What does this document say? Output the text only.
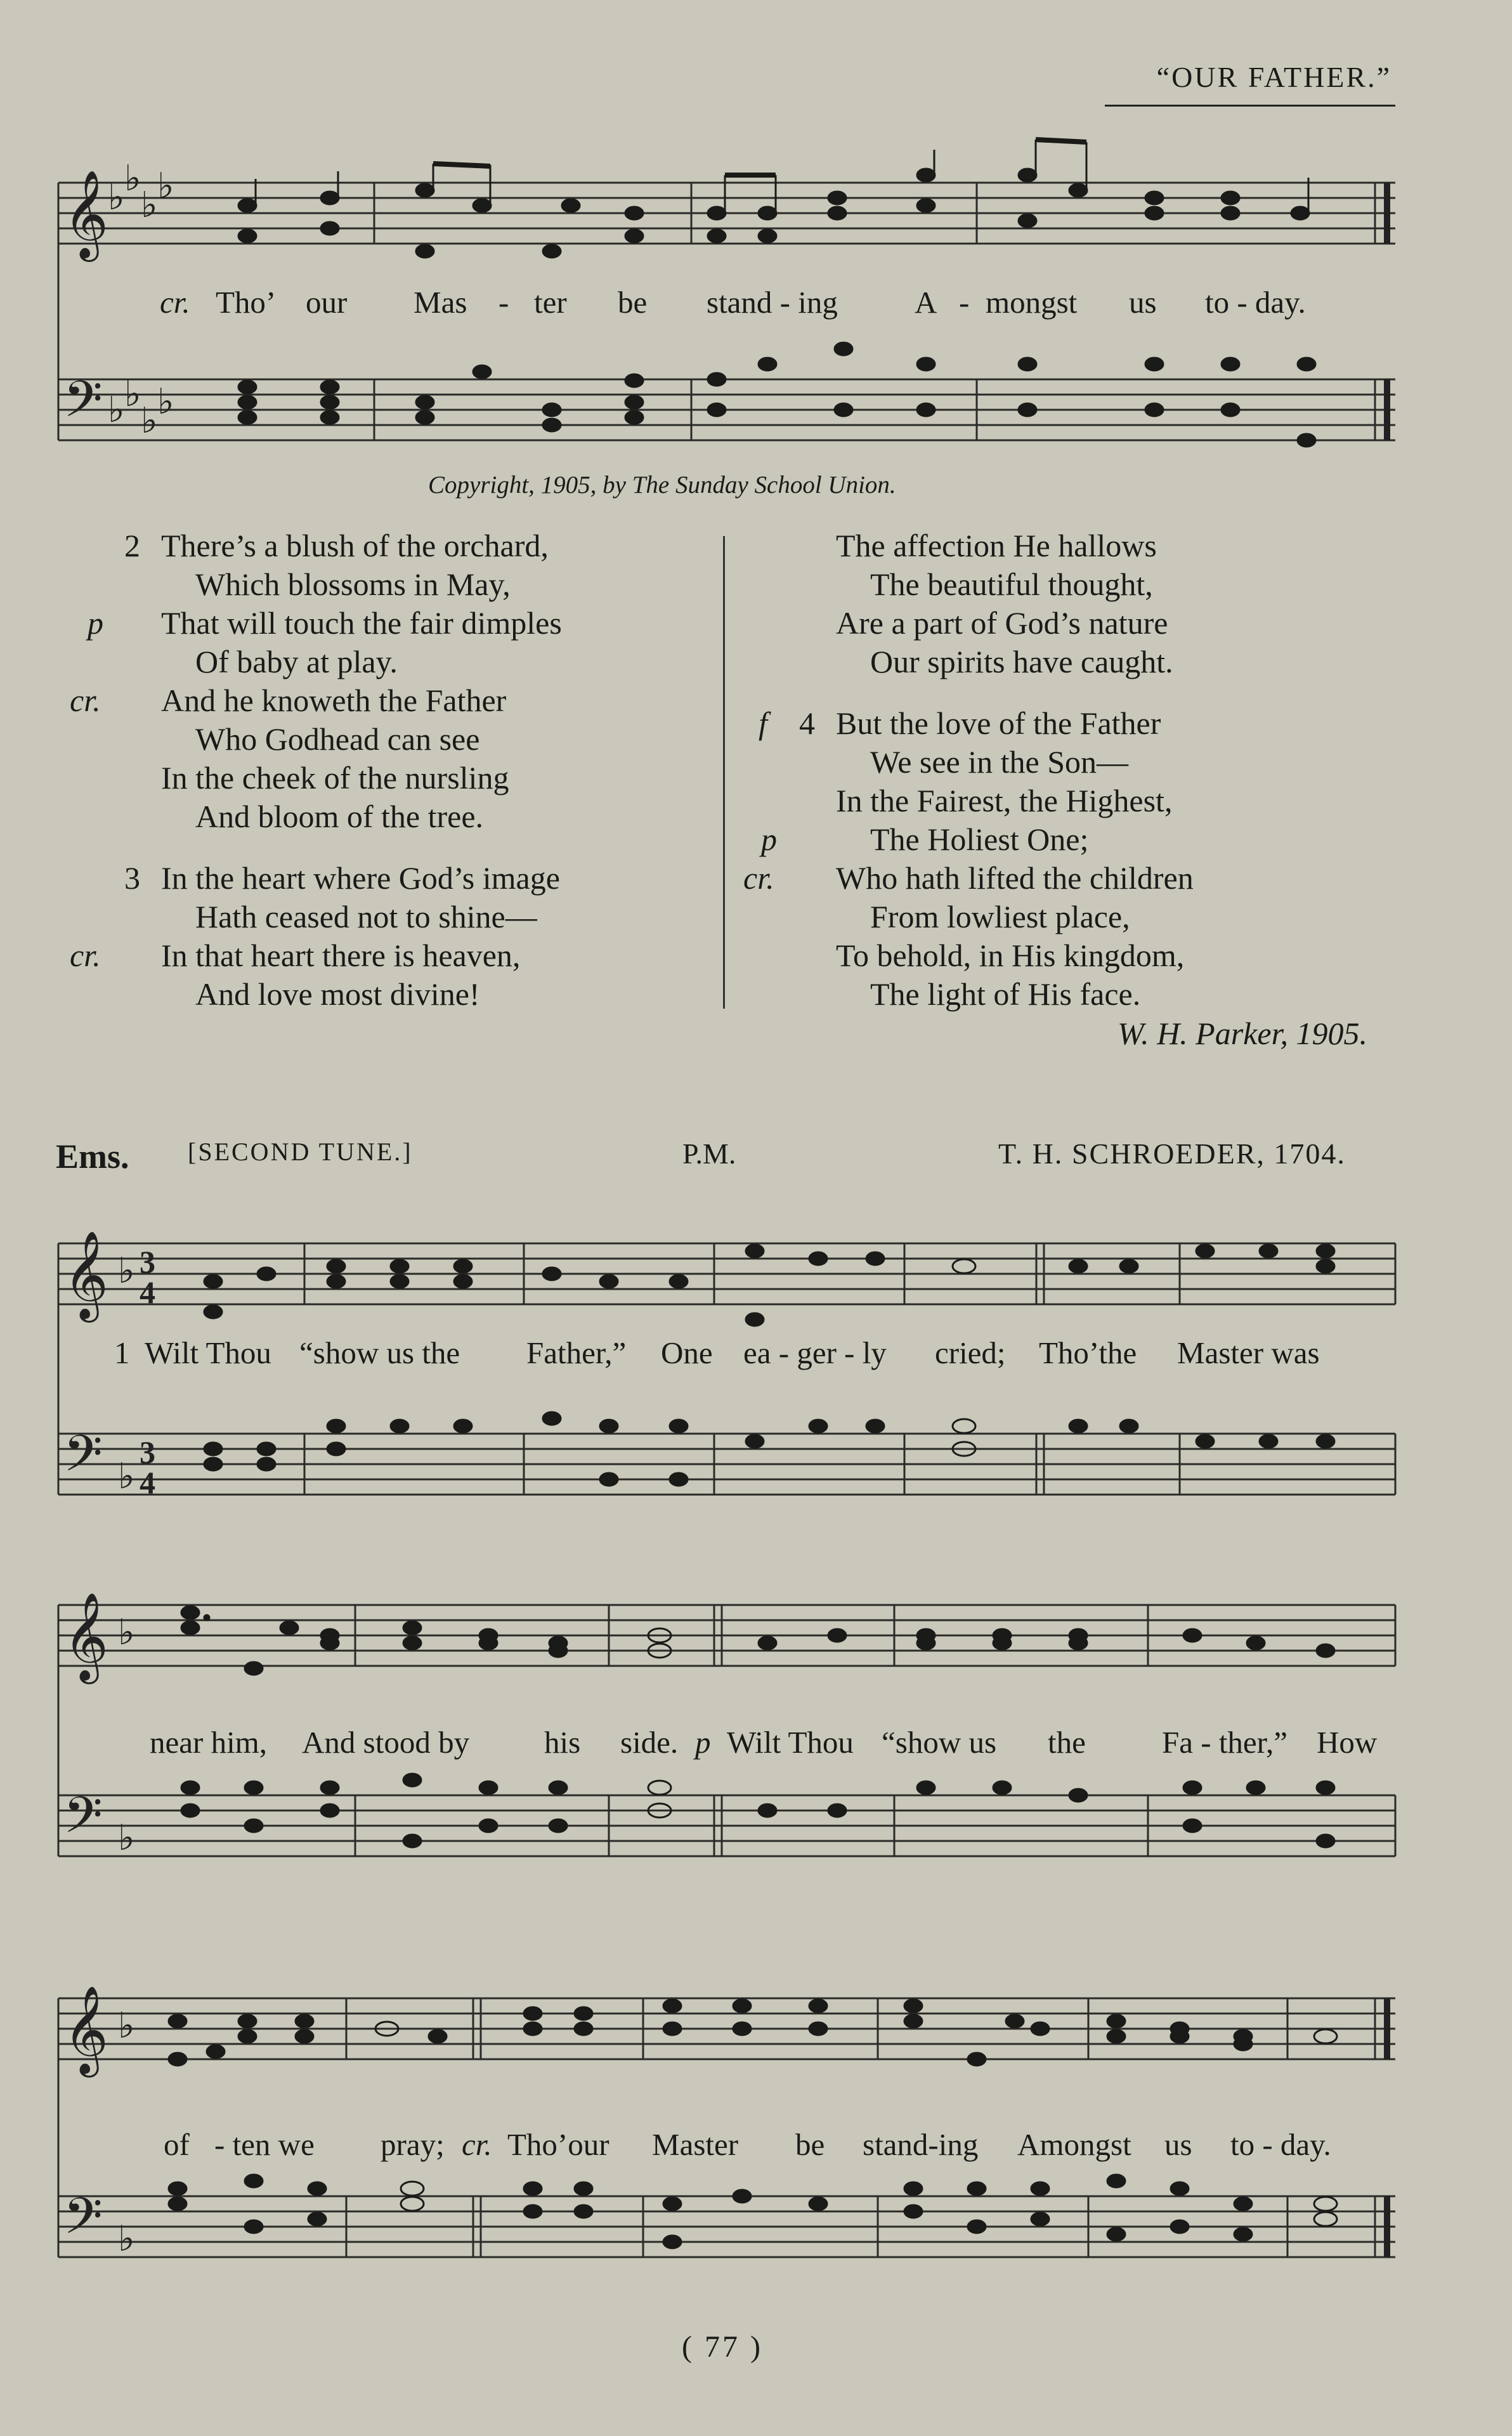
“OUR FATHER.”
𝄞
𝄢
♭ ♭
♭ ♭
♭ ♭
♭ ♭
cr. Tho’ our Mas - ter be stand - ing A - mongst us to - day.
Copyright, 1905, by The Sunday School Union.
2 There’s a blush of the orchard,
Which blossoms in May,
p That will touch the fair dimples
Of baby at play.
cr. And he knoweth the Father
Who Godhead can see
In the cheek of the nursling
And bloom of the tree.
3 In the heart where God’s image
Hath ceased not to shine—
cr. In that heart there is heaven,
And love most divine!
The affection He hallows
The beautiful thought,
Are a part of God’s nature
Our spirits have caught.
f 4 But the love of the Father
We see in the Son—
In the Fairest, the Highest,
p	The Holiest One;
cr. Who hath lifted the children
From lowliest place,
To behold, in His kingdom,
The light of His face.
W. H. Parker, 1905.
Ems. [SECOND TUNE.]	P.M.	T. H. SCHROEDER, 1704.
𝄞
𝄢
♭
♭
3
4
3
4
1 Wilt Thou “show us the Father,” One ea - ger - ly cried; Tho’the Master was
𝄞
𝄢
♭
♭
near him, And stood by his side. p Wilt Thou “show us the Fa - ther,” How
𝄞
𝄢
♭
♭
of - ten we pray; cr. Tho’our Master be stand-ing Amongst us to - day.
( 77 )
